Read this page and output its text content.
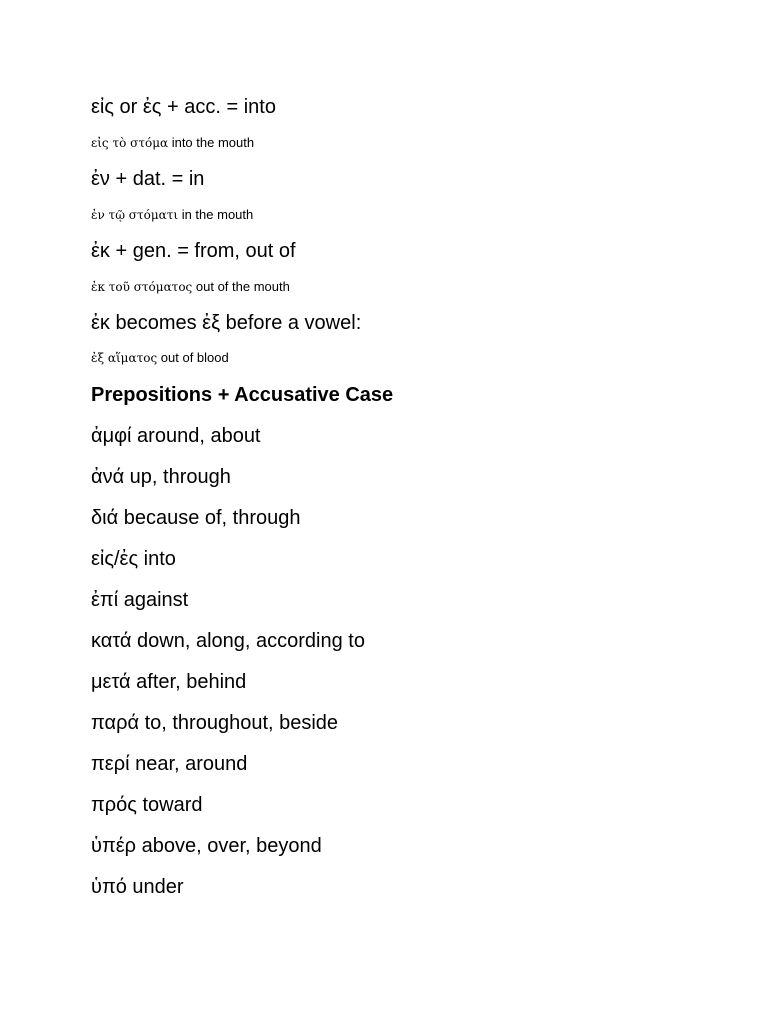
εἰς or ἐς + acc. = into
εἰς τὸ στόμα into the mouth
ἐν + dat. = in
ἐν τῷ στόματι in the mouth
ἐκ + gen. = from, out of
ἐκ τοῦ στόματος out of the mouth
ἐκ becomes ἐξ before a vowel:
ἐξ αἵματος out of blood
Prepositions + Accusative Case
ἀμφί around, about
ἀνά up, through
διά because of, through
εἰς/ἐς into
ἐπί against
κατά down, along, according to
μετά after, behind
παρά to, throughout, beside
περί near, around
πρός toward
ὑπέρ above, over, beyond
ὑπό under
